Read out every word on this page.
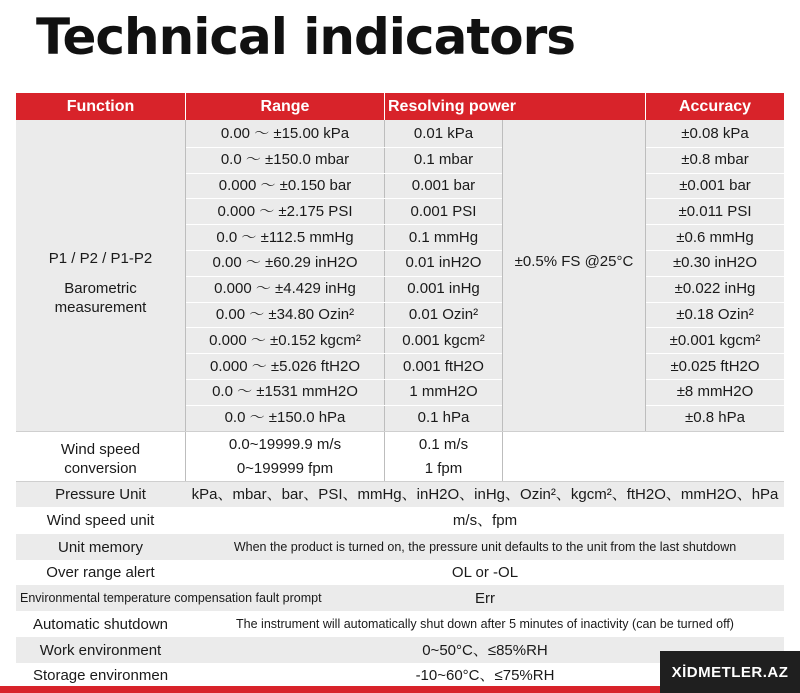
Technical indicators
Function	Range	Resolving power	Accuracy
P1 / P2 / P1-P2
Barometric
measurement
0.00 ～ ±15.00 kPa	0.01 kPa	±0.08 kPa
0.0 ～ ±150.0 mbar	0.1 mbar	±0.8 mbar
0.000 ～ ±0.150 bar	0.001 bar	±0.001 bar
0.000 ～ ±2.175 PSI	0.001 PSI	±0.011 PSI
0.0 ～ ±112.5 mmHg	0.1 mmHg	±0.6 mmHg
0.00 ～ ±60.29 inH2O	0.01 inH2O	±0.30 inH2O
0.000 ～ ±4.429 inHg	0.001 inHg	±0.022 inHg
0.00 ～ ±34.80 Ozin²	0.01 Ozin²	±0.18 Ozin²
0.000 ～ ±0.152 kgcm²	0.001 kgcm²	±0.001 kgcm²
0.000 ～ ±5.026 ftH2O	0.001 ftH2O	±0.025 ftH2O
0.0 ～ ±1531 mmH2O	1 mmH2O	±8 mmH2O
0.0 ～ ±150.0 hPa	0.1 hPa	±0.8 hPa
±0.5% FS @25°C
Wind speed
conversion
0.0~19999.9 m/s	0.1 m/s
0~199999 fpm	1 fpm
Pressure Unit	kPa、mbar、bar、PSI、mmHg、inH2O、inHg、Ozin²、kgcm²、ftH2O、mmH2O、hPa
Wind speed unit	m/s、fpm
Unit memory	When the product is turned on, the pressure unit defaults to the unit from the last shutdown
Over range alert	OL or -OL
Environmental temperature compensation fault prompt	Err
Automatic shutdown	The instrument will automatically shut down after 5 minutes of inactivity (can be turned off)
Work environment	0~50°C、≤85%RH
Storage environmen	-10~60°C、≤75%RH	XİDMETLER.AZ
